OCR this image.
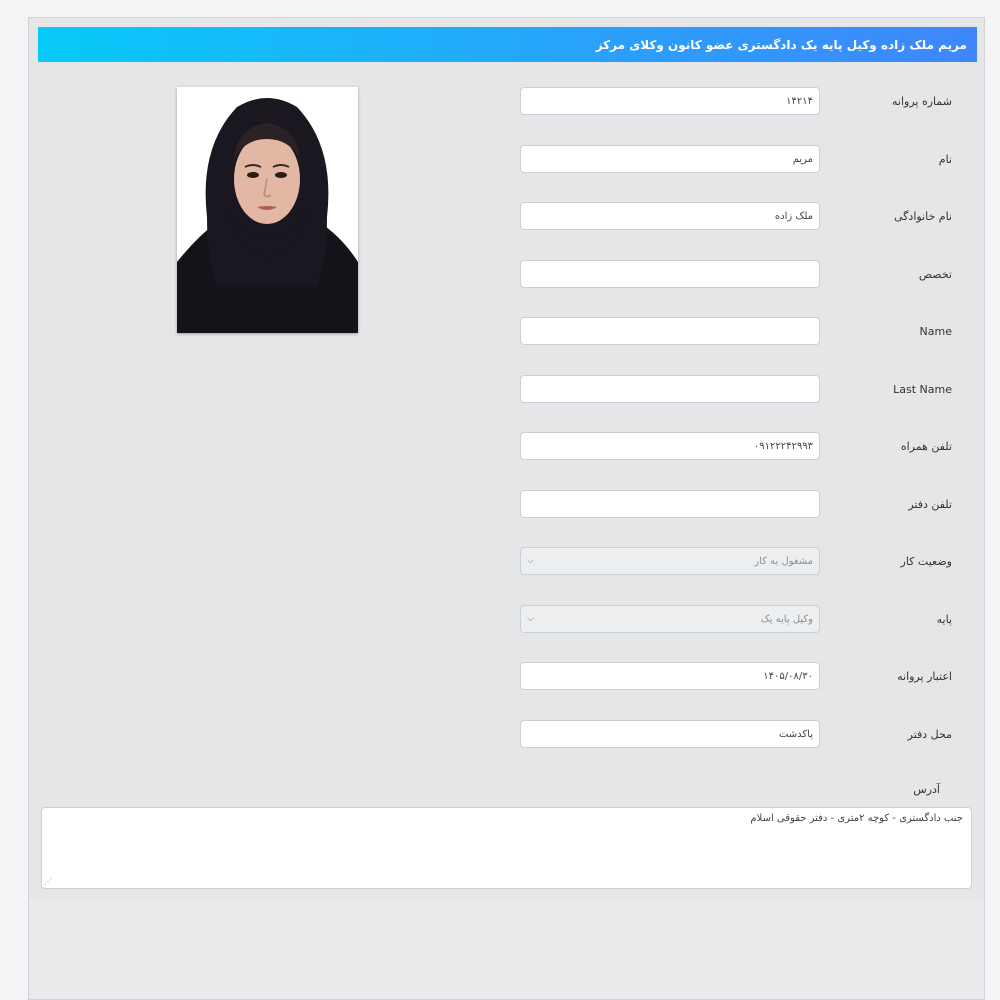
مریم ملک زاده وکیل پایه یک دادگستری عضو کانون وکلای مرکز
شماره پروانه
۱۴۲۱۴
نام
مریم
نام خانوادگی
ملک زاده
تخصص
Name
Last Name
تلفن همراه
۰۹۱۲۲۲۴۲۹۹۳
تلفن دفتر
وضعیت کار
مشغول به کار
⌵
پایه
وکیل پایه یک
⌵
اعتبار پروانه
۱۴۰۵/۰۸/۳۰
محل دفتر
پاکدشت
آدرس
جنب دادگستری - کوچه ۲متری - دفتر حقوقی اسلام
⋱
